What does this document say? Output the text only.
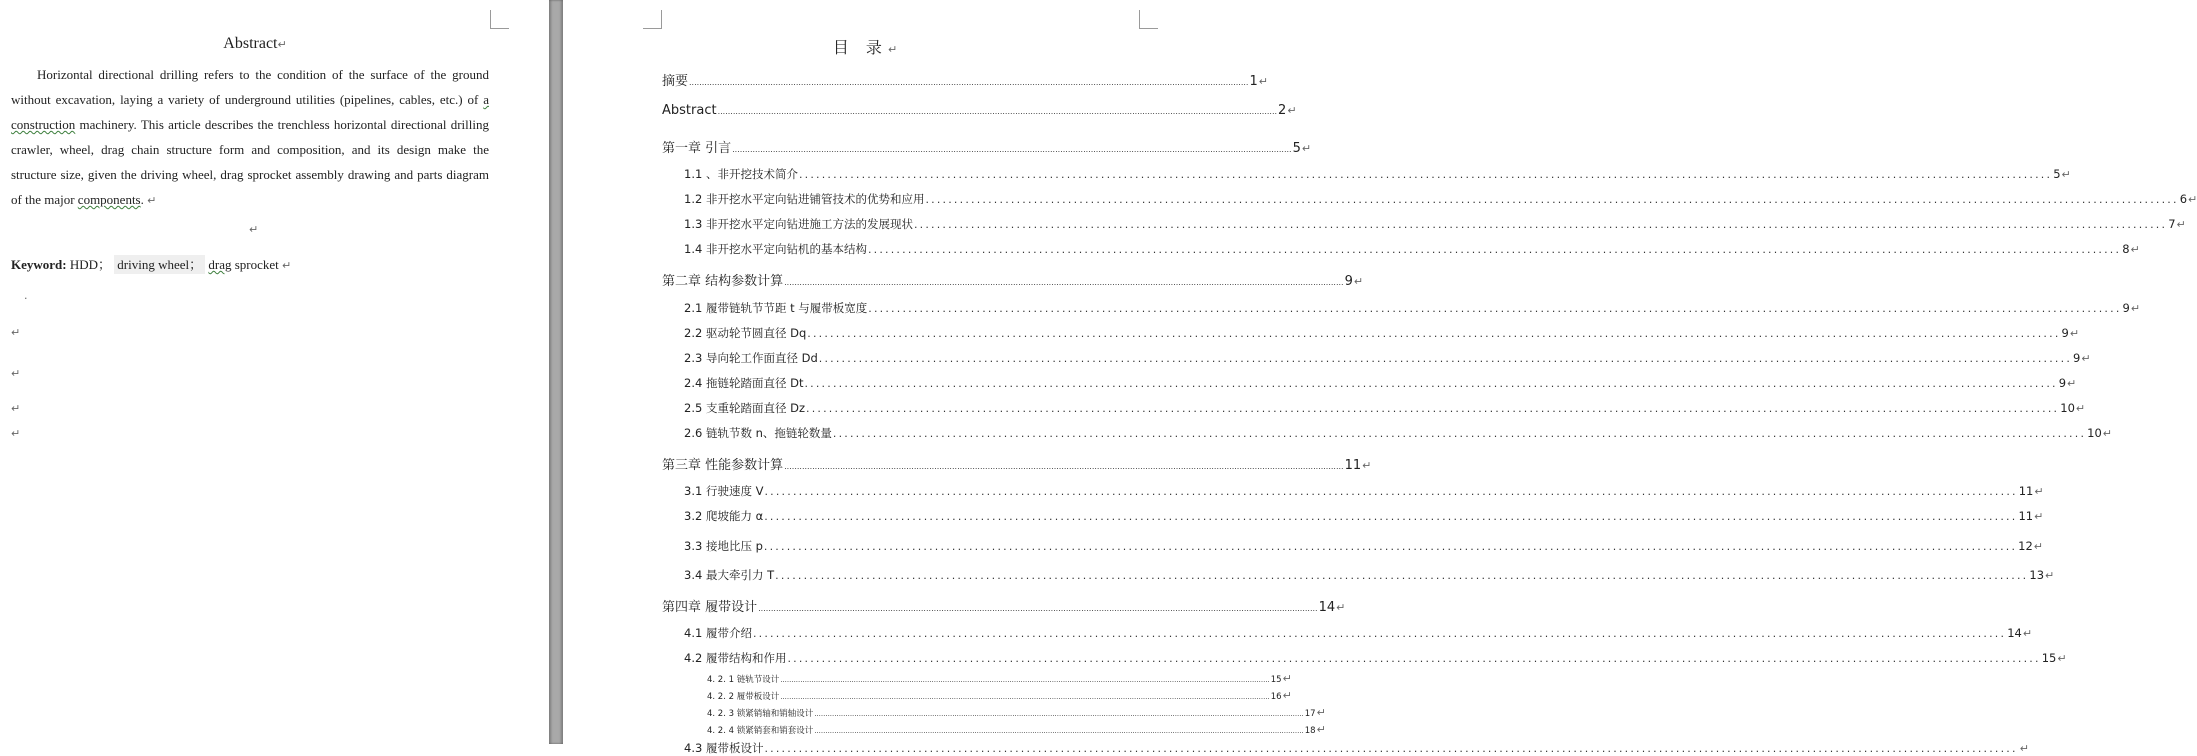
Abstract↵
Horizontal directional drilling refers to the condition of the surface of the ground without excavation, laying a variety of underground utilities (pipelines, cables, etc.) of a construction machinery. This article describes the trenchless horizontal directional drilling crawler, wheel, drag chain structure form and composition, and its design make the structure size, given the driving wheel, drag sprocket assembly drawing and parts diagram of the major components. ↵
↵
Keyword: HDD； driving wheel； drag sprocket ↵
·
↵
↵
↵
↵
目 录↵
摘要 ............................................................................................................................................................................................................................ 1 ↵
Abstract ............................................................................................................................................................................................................................ 2 ↵
第一章 引言 ............................................................................................................................................................................................................................ 5 ↵
1.1 、非开挖技术简介 ............................................................................................................................................................................................................................ 5 ↵
1.2 非开挖水平定向钻进铺管技术的优势和应用 ............................................................................................................................................................................................................................ 6 ↵
1.3 非开挖水平定向钻进施工方法的发展现状 ............................................................................................................................................................................................................................ 7 ↵
1.4 非开挖水平定向钻机的基本结构 ............................................................................................................................................................................................................................ 8 ↵
第二章 结构参数计算 ............................................................................................................................................................................................................................ 9 ↵
2.1 履带链轨节节距 t 与履带板宽度 ............................................................................................................................................................................................................................ 9 ↵
2.2 驱动轮节圆直径 Dq ............................................................................................................................................................................................................................ 9 ↵
2.3 导向轮工作面直径 Dd ............................................................................................................................................................................................................................ 9 ↵
2.4 拖链轮踏面直径 Dt ............................................................................................................................................................................................................................ 9 ↵
2.5 支重轮踏面直径 Dz ............................................................................................................................................................................................................................ 10 ↵
2.6 链轨节数 n、拖链轮数量 ............................................................................................................................................................................................................................ 10 ↵
第三章 性能参数计算 ............................................................................................................................................................................................................................ 11 ↵
3.1 行驶速度 V ............................................................................................................................................................................................................................ 11 ↵
3.2 爬坡能力 α ............................................................................................................................................................................................................................ 11 ↵
3.3 接地比压 p ............................................................................................................................................................................................................................ 12 ↵
3.4 最大牵引力 T ............................................................................................................................................................................................................................ 13 ↵
第四章 履带设计 ............................................................................................................................................................................................................................ 14 ↵
4.1 履带介绍 ............................................................................................................................................................................................................................ 14 ↵
4.2 履带结构和作用 ............................................................................................................................................................................................................................ 15 ↵
4. 2. 1 链轨节设计 ............................................................................................................................................................................................................................ 15 ↵
4. 2. 2 履带板设计 ............................................................................................................................................................................................................................ 16 ↵
4. 2. 3 锁紧销轴和销轴设计 ............................................................................................................................................................................................................................ 17 ↵
4. 2. 4 锁紧销套和销套设计 ............................................................................................................................................................................................................................ 18 ↵
4.3 履带板设计 ............................................................................................................................................................................................................................ ↵
